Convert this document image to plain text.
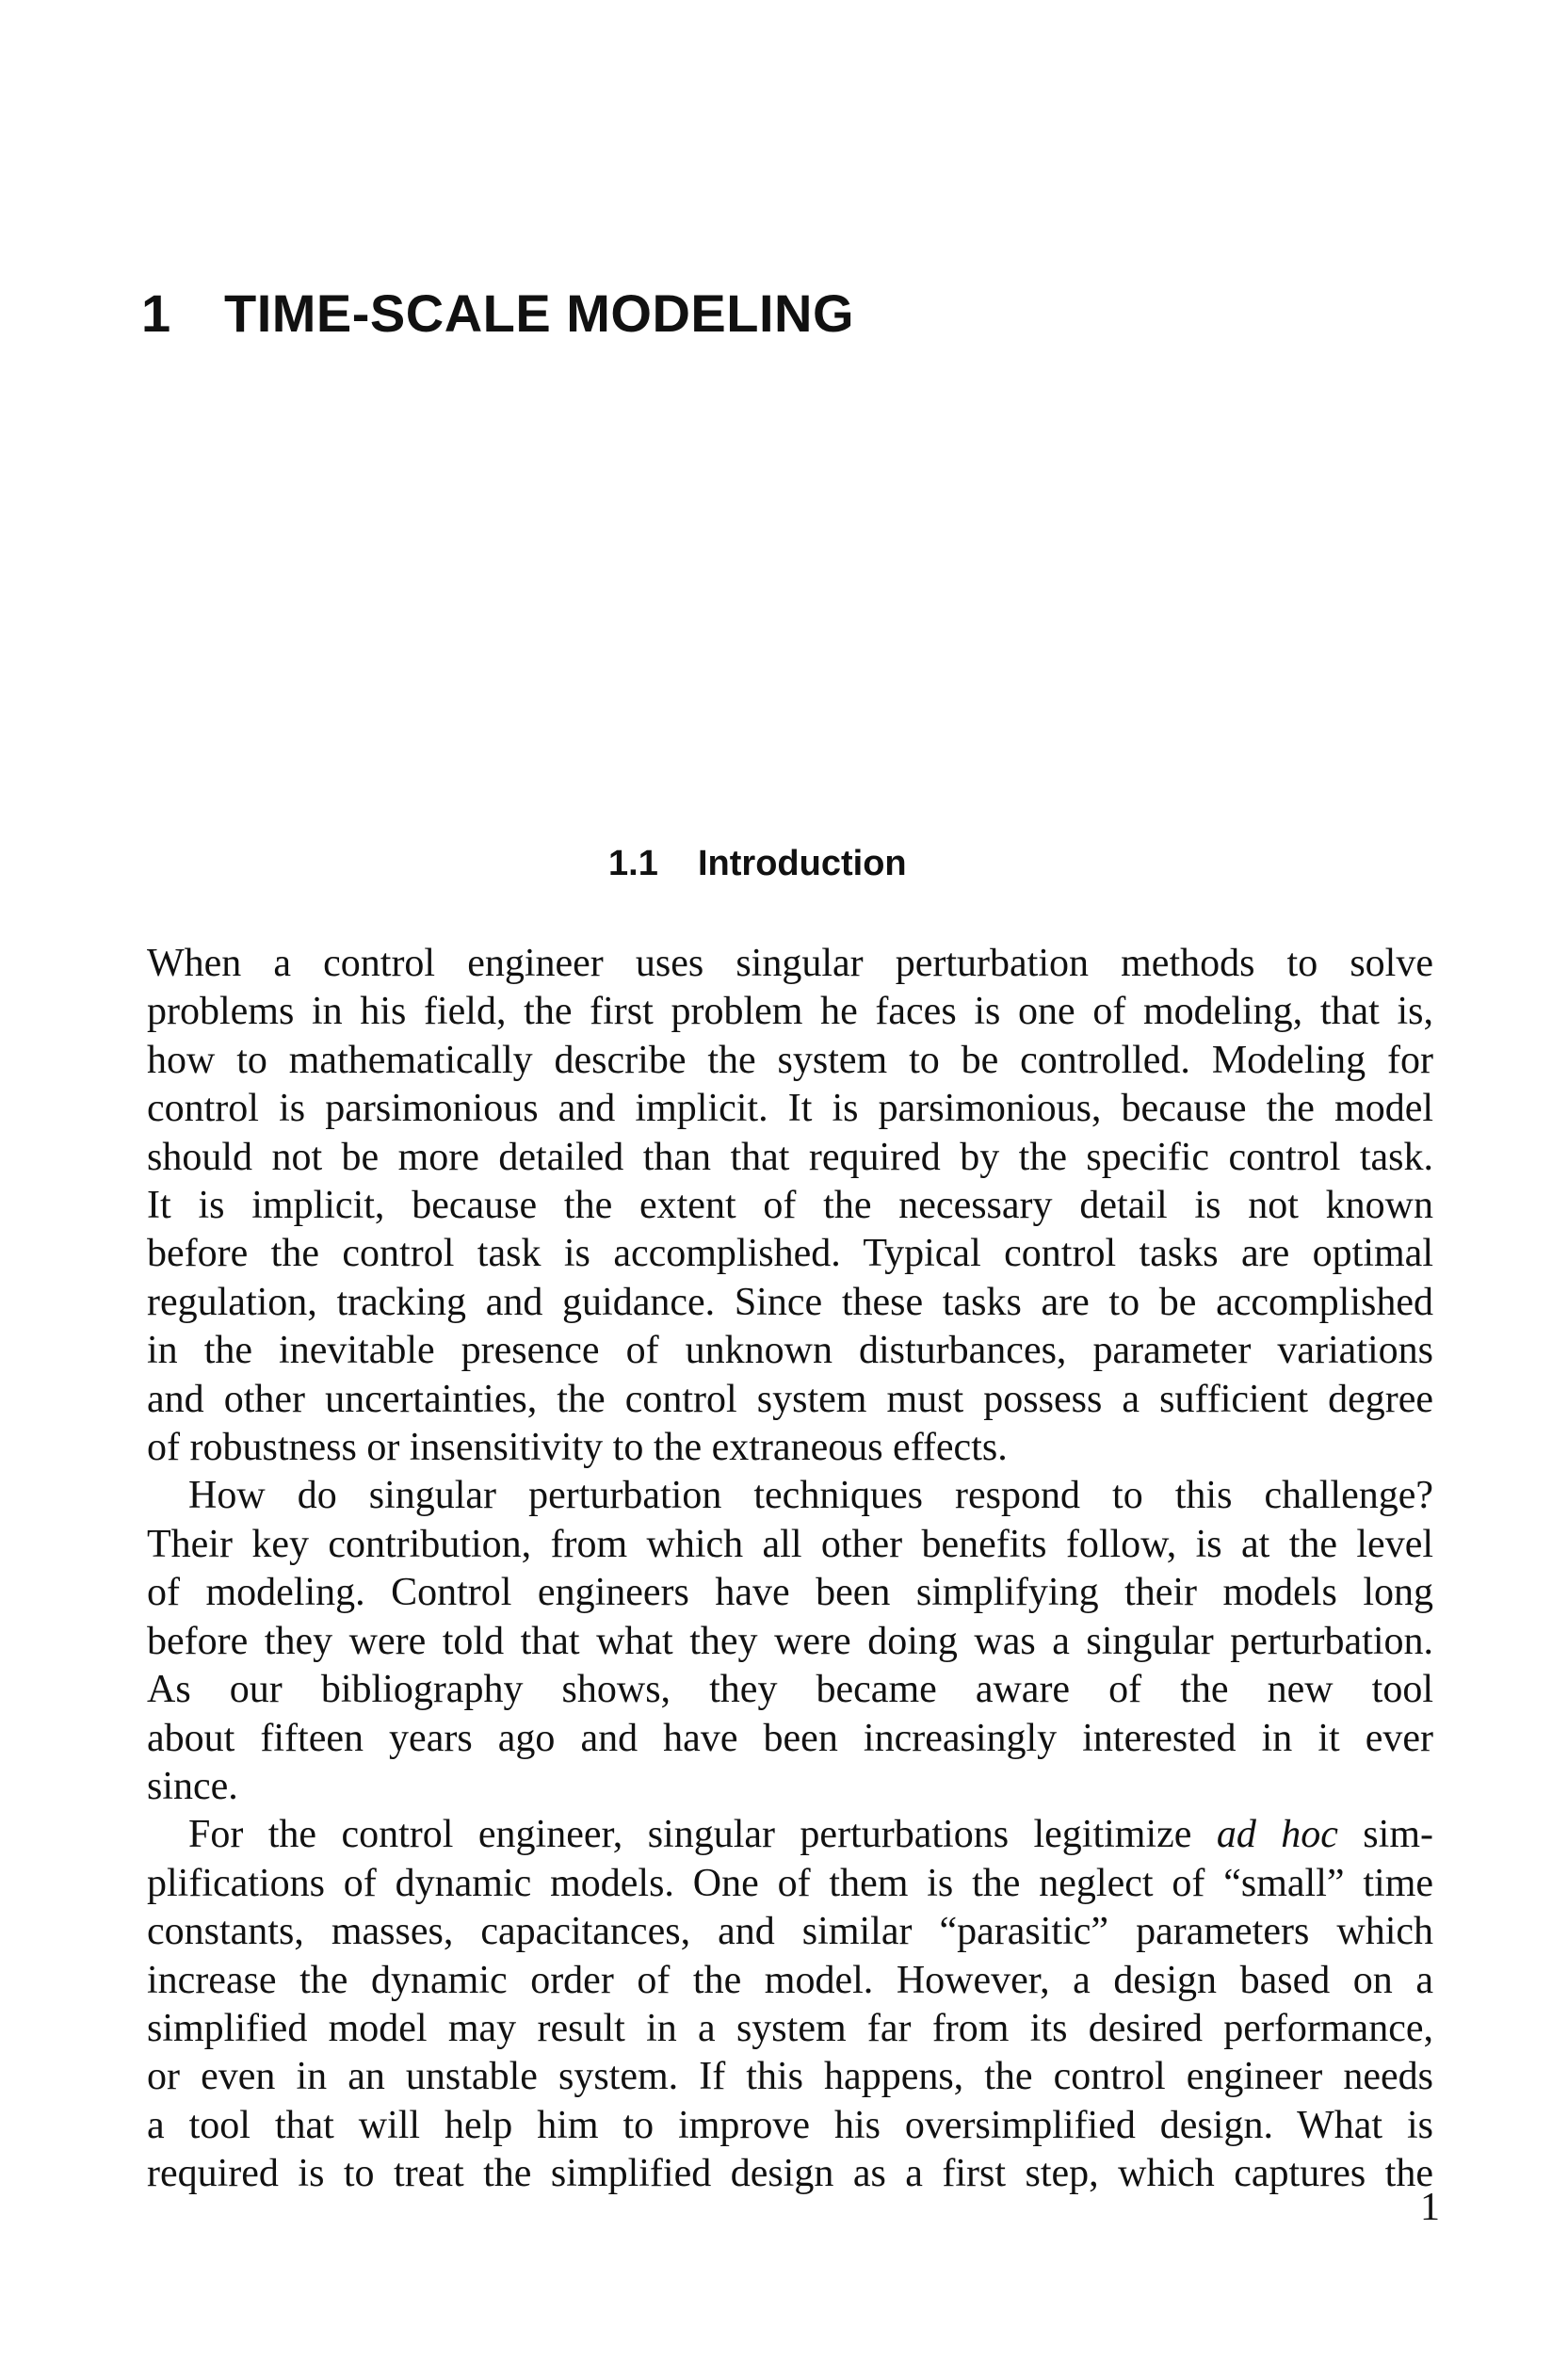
1 TIME-SCALE MODELING
1.1 Introduction

When a control engineer uses singular perturbation methods to solve
problems in his field, the first problem he faces is one of modeling, that is,
how to mathematically describe the system to be controlled. Modeling for
control is parsimonious and implicit. It is parsimonious, because the model
should not be more detailed than that required by the specific control task.
It is implicit, because the extent of the necessary detail is not known
before the control task is accomplished. Typical control tasks are optimal
regulation, tracking and guidance. Since these tasks are to be accomplished
in the inevitable presence of unknown disturbances, parameter variations
and other uncertainties, the control system must possess a sufficient degree
of robustness or insensitivity to the extraneous effects.

How do singular perturbation techniques respond to this challenge?
Their key contribution, from which all other benefits follow, is at the level
of modeling. Control engineers have been simplifying their models long
before they were told that what they were doing was a singular perturbation.
As our bibliography shows, they became aware of the new tool
about fifteen years ago and have been increasingly interested in it ever
since.

For the control engineer, singular perturbations legitimize ad hoc sim-
plifications of dynamic models. One of them is the neglect of “small” time
constants, masses, capacitances, and similar “parasitic” parameters which
increase the dynamic order of the model. However, a design based on a
simplified model may result in a system far from its desired performance,
or even in an unstable system. If this happens, the control engineer needs
a tool that will help him to improve his oversimplified design. What is
required is to treat the simplified design as a first step, which captures the

1
